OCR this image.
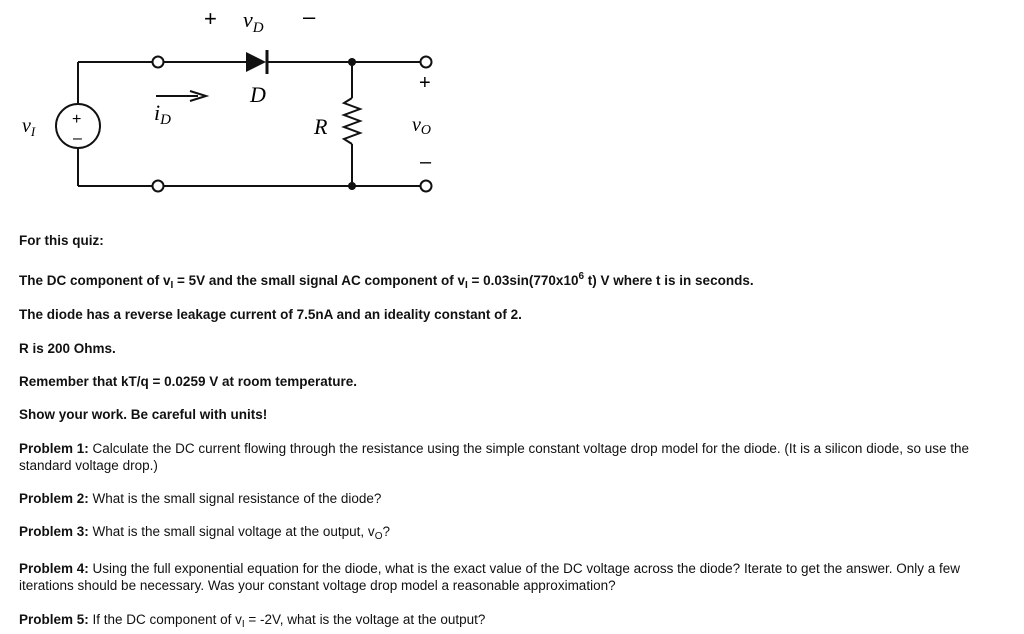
+ $v_D$ –
D
$v_I$
+
–
iD	R
+
vO
–
For this quiz:
The DC component of $v_I = 5V$ and the small signal AC component of $v_I = 0.03\sin(770x10^6$ t) V where t is in seconds.
The diode has a reverse leakage current of 7.5nA and an ideality constant of 2.
R is 200 Ohms.
Remember that kT/q = 0.0259 V at room temperature.
Show your work. Be careful with units!
Problem 1: Calculate the DC current flowing through the resistance using the simple constant voltage drop model for the diode. (It is a silicon diode, so use the standard voltage drop.)
Problem 2: What is the small signal resistance of the diode?
Problem 3: What is the small signal voltage at the output, $v_O$?
Problem 4: Using the full exponential equation for the diode, what is the exact value of the DC voltage across the diode? Iterate to get the answer. Only a few iterations should be necessary. Was your constant voltage drop model a reasonable approximation?
Problem 5: If the DC component of $v_I = -2V$, what is the voltage at the output?
